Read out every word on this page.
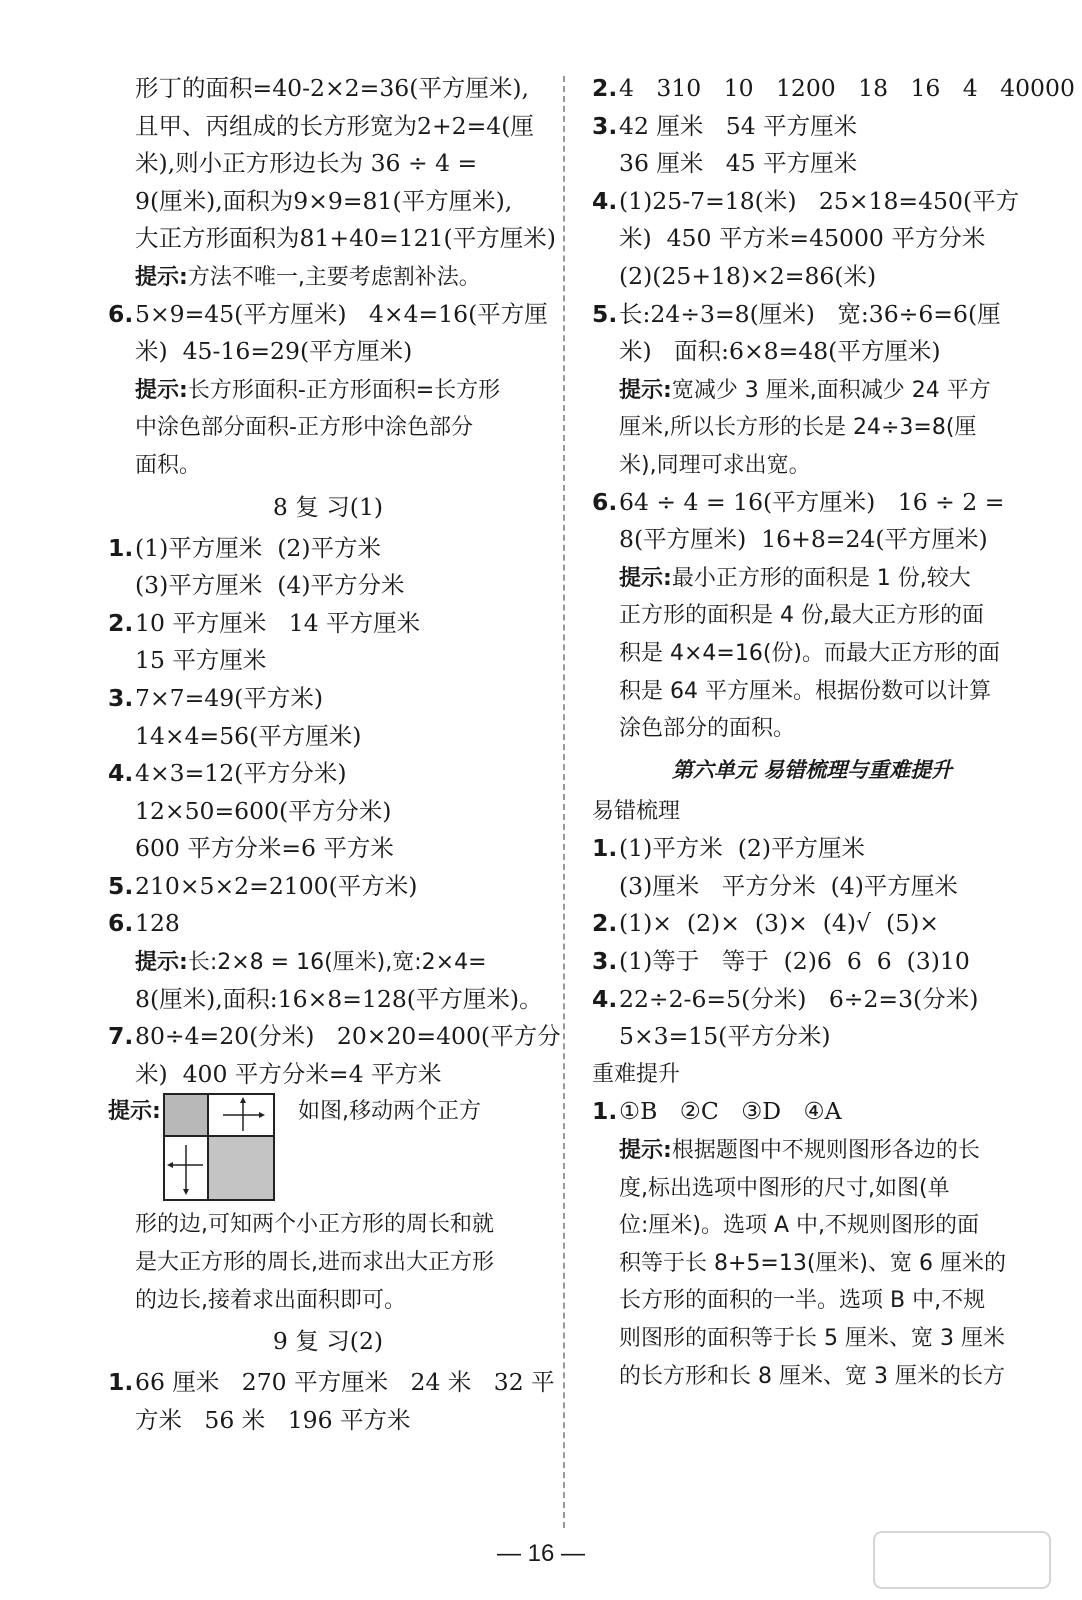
形丁的面积=40-2×2=36(平方厘米),
且甲、丙组成的长方形宽为2+2=4(厘
米),则小正方形边长为 36 ÷ 4 =
9(厘米),面积为9×9=81(平方厘米),
大正方形面积为81+40=121(平方厘米)
提示:方法不唯一,主要考虑割补法。
6.5×9=45(平方厘米)   4×4=16(平方厘
米)  45-16=29(平方厘米)
提示:长方形面积-正方形面积=长方形
中涂色部分面积-正方形中涂色部分
面积。
8 复 习(1)
1.(1)平方厘米  (2)平方米
(3)平方厘米  (4)平方分米
2.10 平方厘米   14 平方厘米
15 平方厘米
3.7×7=49(平方米)
14×4=56(平方厘米)
4.4×3=12(平方分米)
12×50=600(平方分米)
600 平方分米=6 平方米
5.210×5×2=2100(平方米)
6.128
提示:长:2×8 = 16(厘米),宽:2×4=
8(厘米),面积:16×8=128(平方厘米)。
7.80÷4=20(分米)   20×20=400(平方分
米)  400 平方分米=4 平方米
提示:	如图,移动两个正方
形的边,可知两个小正方形的周长和就
是大正方形的周长,进而求出大正方形
的边长,接着求出面积即可。
9 复 习(2)
1.66 厘米   270 平方厘米   24 米   32 平
方米   56 米   196 平方米
2.4   310   10   1200   18   16   4   40000
3.42 厘米   54 平方厘米
36 厘米   45 平方厘米
4.(1)25-7=18(米)   25×18=450(平方
米)  450 平方米=45000 平方分米
(2)(25+18)×2=86(米)
5.长:24÷3=8(厘米)   宽:36÷6=6(厘
米)   面积:6×8=48(平方厘米)
提示:宽减少 3 厘米,面积减少 24 平方
厘米,所以长方形的长是 24÷3=8(厘
米),同理可求出宽。
6.64 ÷ 4 = 16(平方厘米)   16 ÷ 2 =
8(平方厘米)  16+8=24(平方厘米)
提示:最小正方形的面积是 1 份,较大
正方形的面积是 4 份,最大正方形的面
积是 4×4=16(份)。而最大正方形的面
积是 64 平方厘米。根据份数可以计算
涂色部分的面积。
第六单元 易错梳理与重难提升
易错梳理
1.(1)平方米  (2)平方厘米
(3)厘米   平方分米  (4)平方厘米
2.(1)×  (2)×  (3)×  (4)√  (5)×
3.(1)等于   等于  (2)6  6  6  (3)10
4.22÷2-6=5(分米)   6÷2=3(分米)
5×3=15(平方分米)
重难提升
1.①B   ②C   ③D   ④A
提示:根据题图中不规则图形各边的长
度,标出选项中图形的尺寸,如图(单
位:厘米)。选项 A 中,不规则图形的面
积等于长 8+5=13(厘米)、宽 6 厘米的
长方形的面积的一半。选项 B 中,不规
则图形的面积等于长 5 厘米、宽 3 厘米
的长方形和长 8 厘米、宽 3 厘米的长方
— 16 —
